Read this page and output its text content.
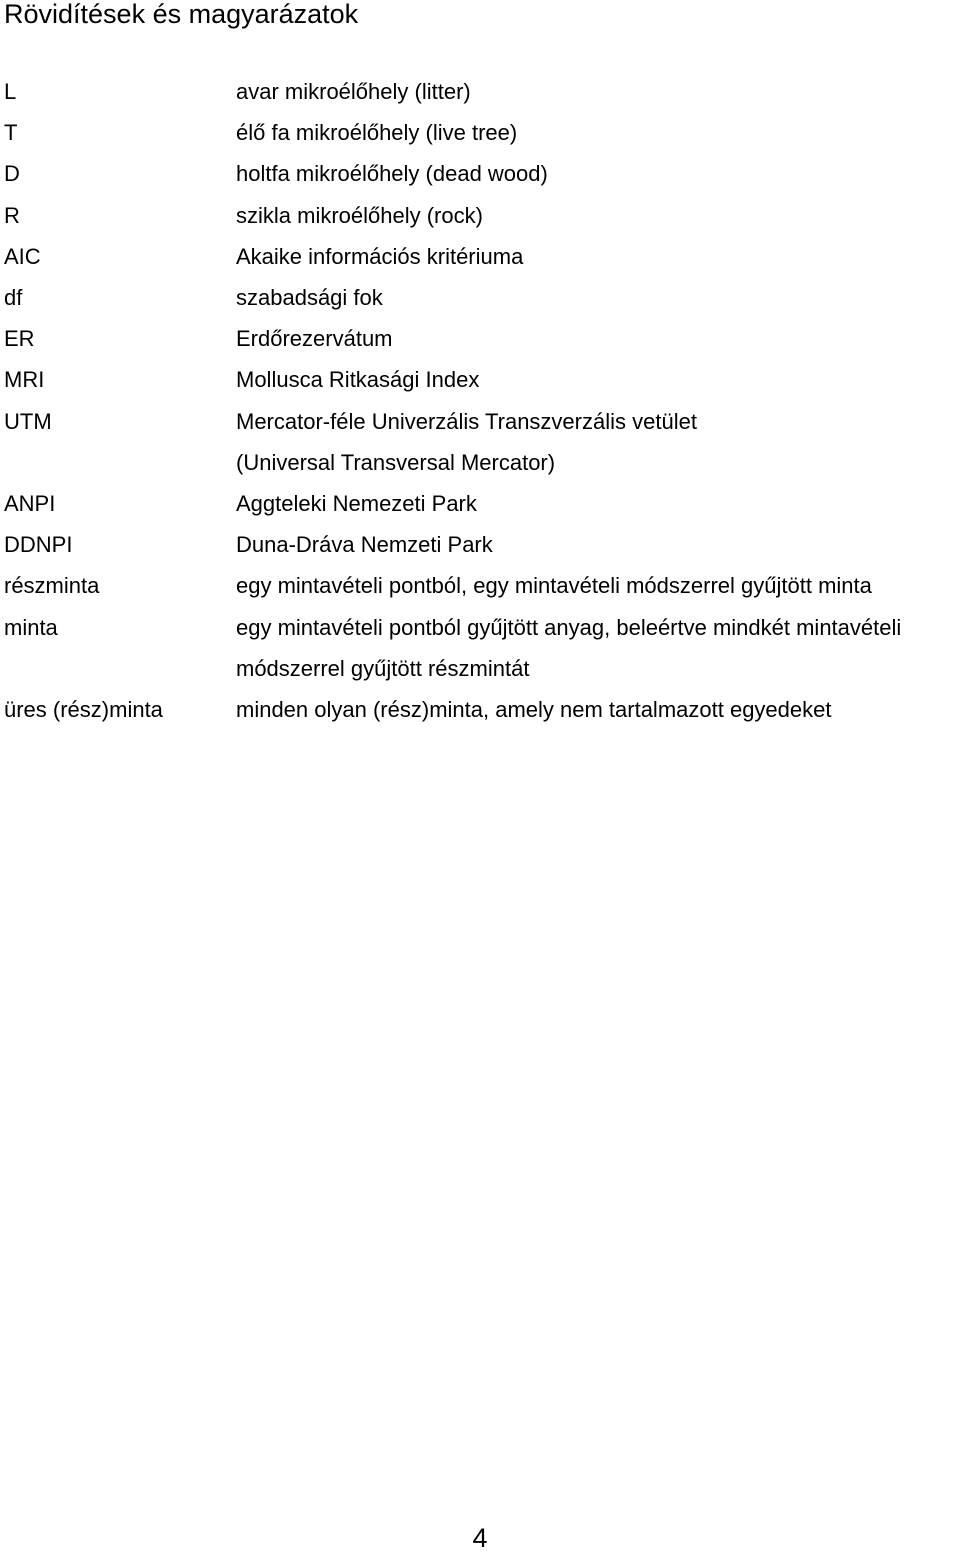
Rövidítések és magyarázatok
L	avar mikroélőhely (litter)
T	élő fa mikroélőhely (live tree)
D	holtfa mikroélőhely (dead wood)
R	szikla mikroélőhely (rock)
AIC	Akaike információs kritériuma
df	szabadsági fok
ER	Erdőrezervátum
MRI	Mollusca Ritkasági Index
UTM	Mercator-féle Univerzális Transzverzális vetület
(Universal Transversal Mercator)
ANPI	Aggteleki Nemezeti Park
DDNPI	Duna-Dráva Nemzeti Park
részminta	egy mintavételi pontból, egy mintavételi módszerrel gyűjtött minta
minta	egy mintavételi pontból gyűjtött anyag, beleértve mindkét mintavételi
módszerrel gyűjtött részmintát
üres (rész)minta	minden olyan (rész)minta, amely nem tartalmazott egyedeket
4
